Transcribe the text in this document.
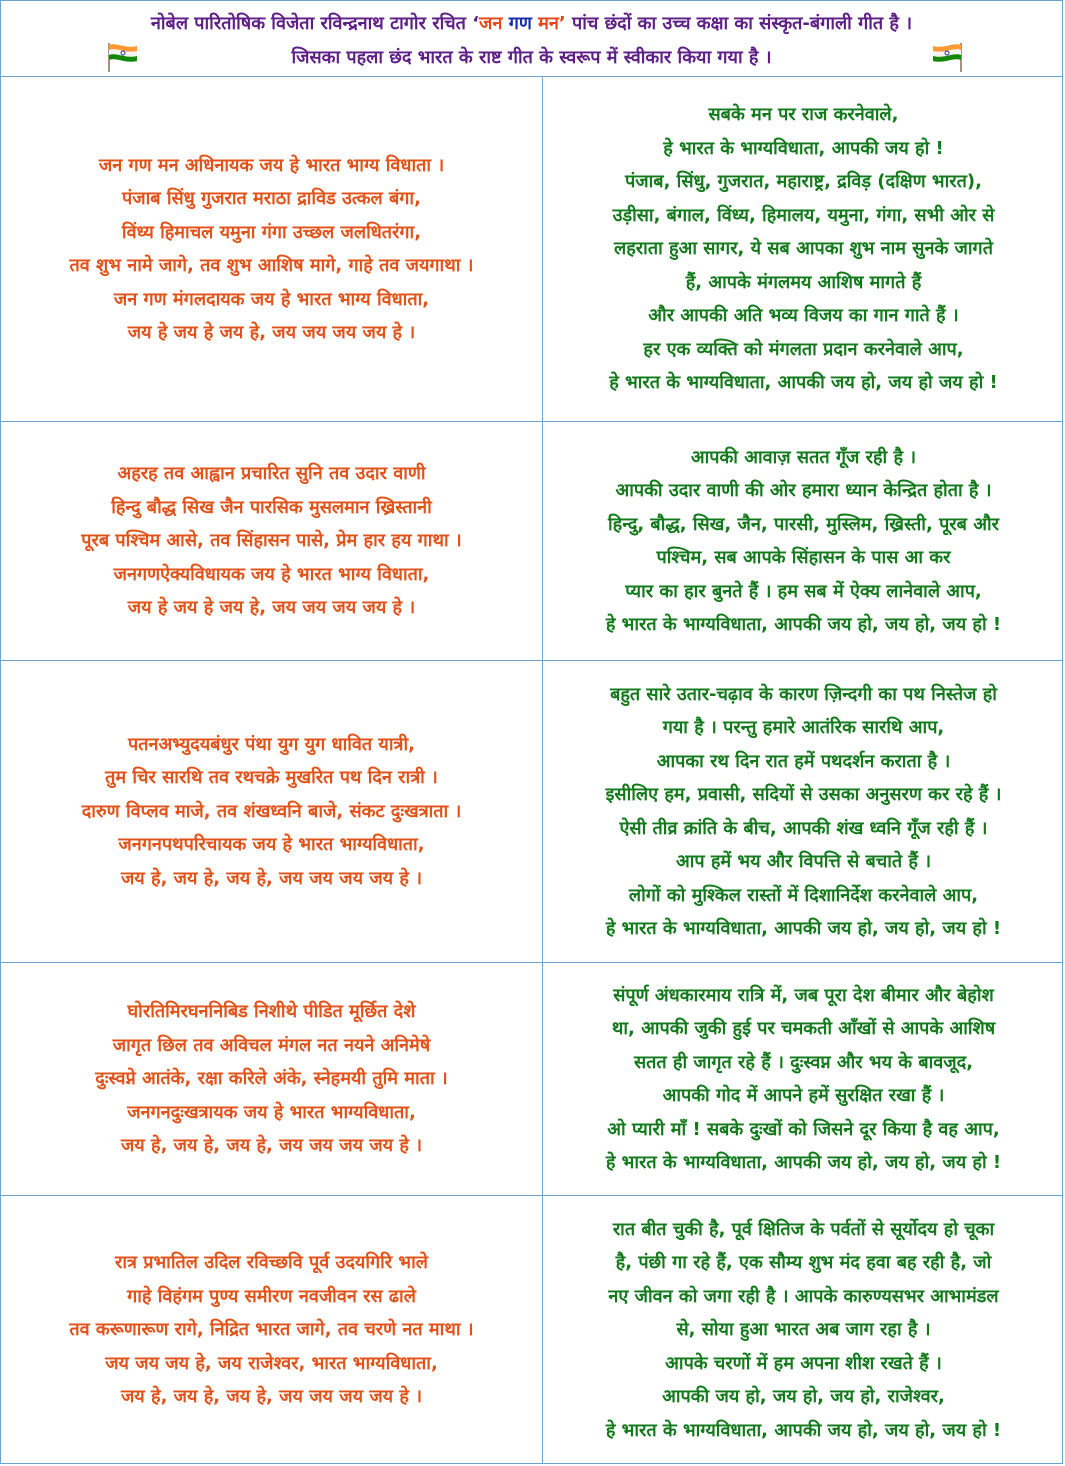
नोबेल पारितोषिक विजेता रविन्द्रनाथ टागोर रचित ‘जन गण मन’ पांच छंदों का उच्च कक्षा का संस्कृत-बंगाली गीत है ।
जिसका पहला छंद भारत के राष्ट गीत के स्वरूप में स्वीकार किया गया है ।
जन गण मन अधिनायक जय हे भारत भाग्य विधाता ।
पंजाब सिंधु गुजरात मराठा द्राविड उत्कल बंगा,
विंध्य हिमाचल यमुना गंगा उच्छल जलधितरंगा,
तव शुभ नामे जागे, तव शुभ आशिष मागे, गाहे तव जयगाथा ।
जन गण मंगलदायक जय हे भारत भाग्य विधाता,
जय हे जय हे जय हे, जय जय जय जय हे ।
सबके मन पर राज करनेवाले,
हे भारत के भाग्यविधाता, आपकी जय हो !
पंजाब, सिंधु, गुजरात, महाराष्ट्र, द्रविड़ (दक्षिण भारत),
उड़ीसा, बंगाल, विंध्य, हिमालय, यमुना, गंगा, सभी ओर से
लहराता हुआ सागर, ये सब आपका शुभ नाम सुनके जागते
हैं, आपके मंगलमय आशिष मागते हैं
और आपकी अति भव्य विजय का गान गाते हैं ।
हर एक व्यक्ति को मंगलता प्रदान करनेवाले आप,
हे भारत के भाग्यविधाता, आपकी जय हो, जय हो जय हो !
अहरह तव आह्वान प्रचारित सुनि तव उदार वाणी
हिन्दु बौद्ध सिख जैन पारसिक मुसलमान ख्रिस्तानी
पूरब पश्चिम आसे, तव सिंहासन पासे, प्रेम हार हय गाथा ।
जनगणऐक्यविधायक जय हे भारत भाग्य विधाता,
जय हे जय हे जय हे, जय जय जय जय हे ।
आपकी आवाज़ सतत गूँज रही है ।
आपकी उदार वाणी की ओर हमारा ध्यान केन्द्रित होता है ।
हिन्दु, बौद्ध, सिख, जैन, पारसी, मुस्लिम, ख्रिस्ती, पूरब और
पश्चिम, सब आपके सिंहासन के पास आ कर
प्यार का हार बुनते हैं । हम सब में ऐक्य लानेवाले आप,
हे भारत के भाग्यविधाता, आपकी जय हो, जय हो, जय हो !
पतनअभ्युदयबंधुर पंथा युग युग धावित यात्री,
तुम चिर सारथि तव रथचक्रे मुखरित पथ दिन रात्री ।
दारुण विप्लव माजे, तव शंखध्वनि बाजे, संकट दुःखत्राता ।
जनगनपथपरिचायक जय हे भारत भाग्यविधाता,
जय हे, जय हे, जय हे, जय जय जय जय हे ।
बहुत सारे उतार-चढ़ाव के कारण ज़िन्दगी का पथ निस्तेज हो
गया है । परन्तु हमारे आतंरिक सारथि आप,
आपका रथ दिन रात हमें पथदर्शन कराता है ।
इसीलिए हम, प्रवासी, सदियों से उसका अनुसरण कर रहे हैं ।
ऐसी तीव्र क्रांति के बीच, आपकी शंख ध्वनि गूँज रही हैं ।
आप हमें भय और विपत्ति से बचाते हैं ।
लोगों को मुश्किल रास्तों में दिशानिर्देश करनेवाले आप,
हे भारत के भाग्यविधाता, आपकी जय हो, जय हो, जय हो !
घोरतिमिरघननिबिड निशीथे पीडित मूर्छित देशे
जागृत छिल तव अविचल मंगल नत नयने अनिमेषे
दुःस्वप्ने आतंके, रक्षा करिले अंके, स्नेहमयी तुमि माता ।
जनगनदुःखत्रायक जय हे भारत भाग्यविधाता,
जय हे, जय हे, जय हे, जय जय जय जय हे ।
संपूर्ण अंधकारमाय रात्रि में, जब पूरा देश बीमार और बेहोश
था, आपकी जुकी हुई पर चमकती आँखों से आपके आशिष
सतत ही जागृत रहे हैं । दुःस्वप्न और भय के बावजूद,
आपकी गोद में आपने हमें सुरक्षित रखा हैं ।
ओ प्यारी माँ ! सबके दुःखों को जिसने दूर किया है वह आप,
हे भारत के भाग्यविधाता, आपकी जय हो, जय हो, जय हो !
रात्र प्रभातिल उदिल रविच्छवि पूर्व उदयगिरि भाले
गाहे विहंगम पुण्य समीरण नवजीवन रस ढाले
तव करूणारूण रागे, निद्रित भारत जागे, तव चरणे नत माथा ।
जय जय जय हे, जय राजेश्वर, भारत भाग्यविधाता,
जय हे, जय हे, जय हे, जय जय जय जय हे ।
रात बीत चुकी है, पूर्व क्षितिज के पर्वतों से सूर्योदय हो चूका
है, पंछी गा रहे हैं, एक सौम्य शुभ मंद हवा बह रही है, जो
नए जीवन को जगा रही है । आपके कारुण्यसभर आभामंडल
से, सोया हुआ भारत अब जाग रहा है ।
आपके चरणों में हम अपना शीश रखते हैं ।
आपकी जय हो, जय हो, जय हो, राजेश्वर,
हे भारत के भाग्यविधाता, आपकी जय हो, जय हो, जय हो !
